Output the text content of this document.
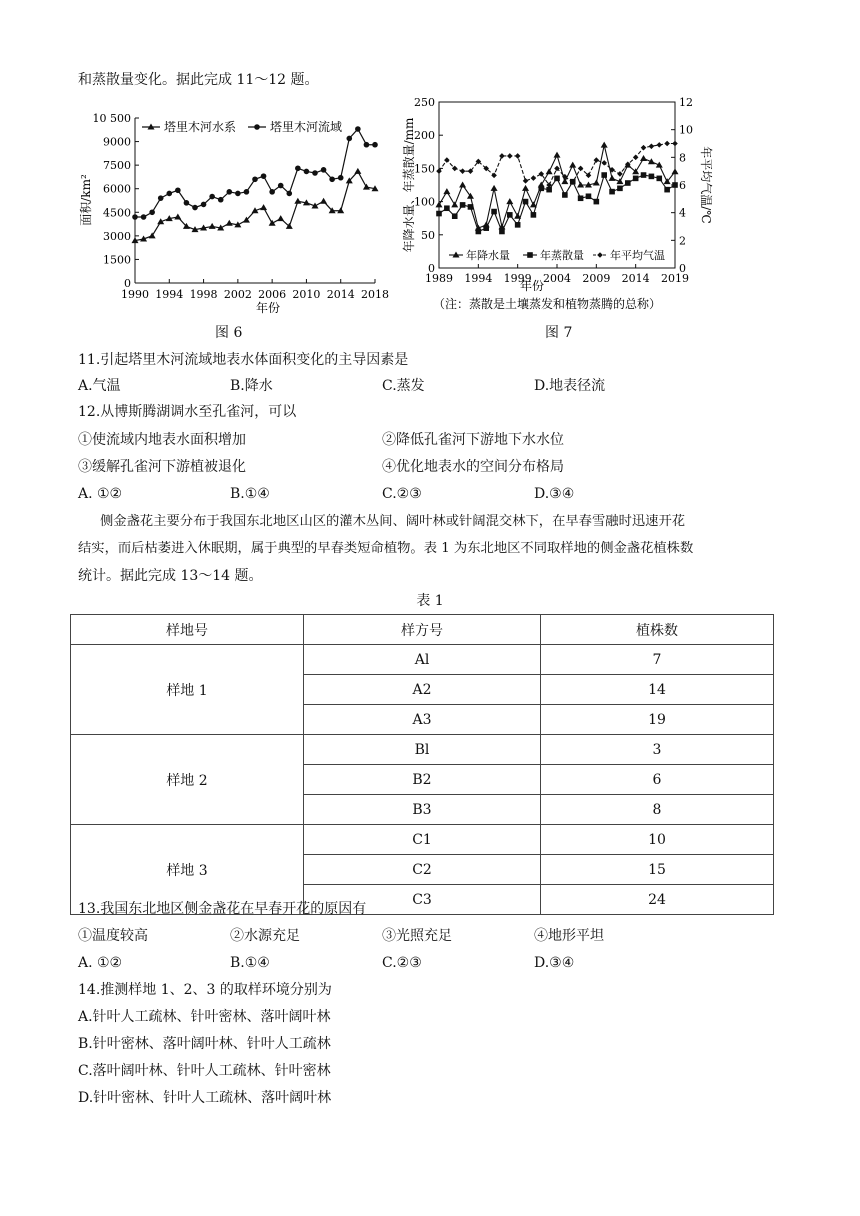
和蒸散量变化。据此完成 11～12 题。
0
1500
3000
4500
6000
7500
9000
10 500
1990 1994 1998 2002 2006 2010 2014 2018
塔里木河水系	塔里木河流域
年份
面积/km²
图 6
0
50
100
150
200
250
0
2
4
6
8
10
12
1989 1994 1999 2004 2009 2014 2019
年降水量	年蒸散量 年平均气温
年份
年降水量、年蒸散量/mm	年平均气温/℃
（注：蒸散是土壤蒸发和植物蒸腾的总称）
图 7
11.引起塔里木河流域地表水体面积变化的主导因素是
A.气温	B.降水	C.蒸发	D.地表径流
12.从博斯腾湖调水至孔雀河，可以
①使流域内地表水面积增加	②降低孔雀河下游地下水水位
③缓解孔雀河下游植被退化	④优化地表水的空间分布格局
A. ①②	B.①④	C.②③	D.③④
侧金盏花主要分布于我国东北地区山区的灌木丛间、阔叶林或针阔混交林下，在早春雪融时迅速开花
结实，而后枯萎进入休眠期，属于典型的早春类短命植物。表 1 为东北地区不同取样地的侧金盏花植株数
统计。据此完成 13～14 题。
表 1
样地号	样方号	植株数
样地 1	Al	7
	A2	14
	A3	19
样地 2	Bl	3
	B2	6
	B3	8
样地 3	C1	10
	C2	15
	C3	24
13.我国东北地区侧金盏花在早春开花的原因有
①温度较高	②水源充足	③光照充足	④地形平坦
A. ①②	B.①④	C.②③	D.③④
14.推测样地 1、2、3 的取样环境分别为
A.针叶人工疏林、针叶密林、落叶阔叶林
B.针叶密林、落叶阔叶林、针叶人工疏林
C.落叶阔叶林、针叶人工疏林、针叶密林
D.针叶密林、针叶人工疏林、落叶阔叶林
